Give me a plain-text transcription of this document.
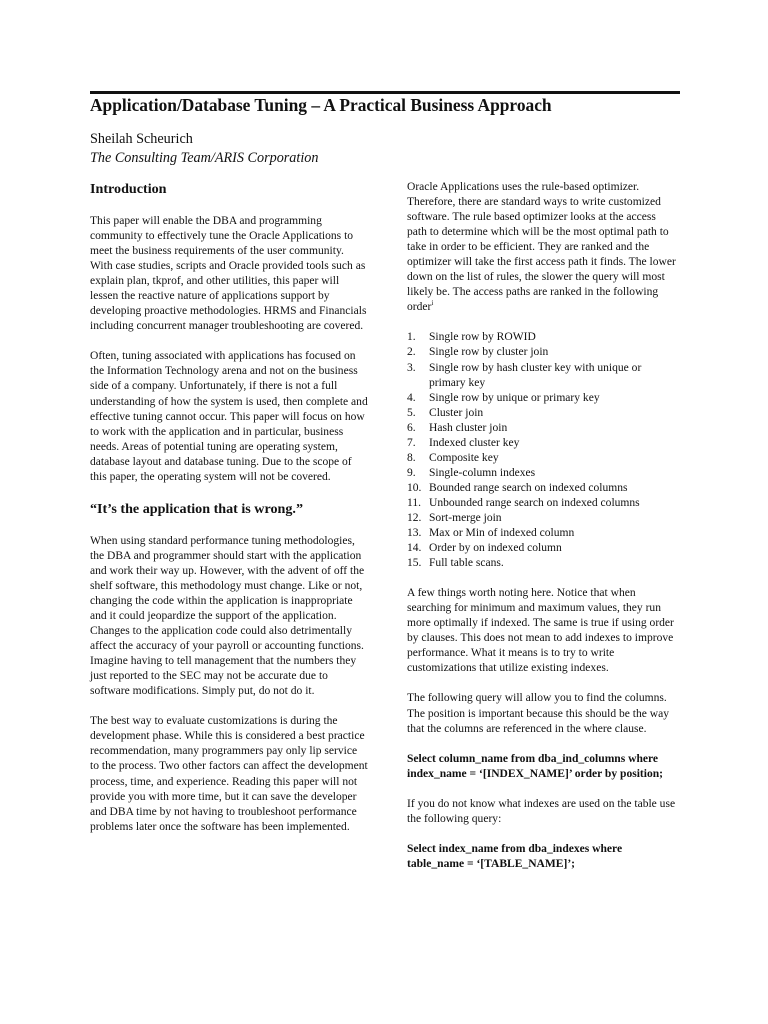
Application/Database Tuning – A Practical Business Approach
Sheilah Scheurich
The Consulting Team/ARIS Corporation
Introduction

This paper will enable the DBA and programming community to effectively tune the Oracle Applications to meet the business requirements of the user community. With case studies, scripts and Oracle provided tools such as explain plan, tkprof, and other utilities, this paper will lessen the reactive nature of applications support by developing proactive methodologies. HRMS and Financials including concurrent manager troubleshooting are covered.

Often, tuning associated with applications has focused on the Information Technology arena and not on the business side of a company. Unfortunately, if there is not a full understanding of how the system is used, then complete and effective tuning cannot occur. This paper will focus on how to work with the application and in particular, business needs. Areas of potential tuning are operating system, database layout and database tuning. Due to the scope of this paper, the operating system will not be covered.

“It’s the application that is wrong.”

When using standard performance tuning methodologies, the DBA and programmer should start with the application and work their way up. However, with the advent of off the shelf software, this methodology must change. Like or not, changing the code within the application is inappropriate and it could jeopardize the support of the application. Changes to the application code could also detrimentally affect the accuracy of your payroll or accounting functions. Imagine having to tell management that the numbers they just reported to the SEC may not be accurate due to software modifications. Simply put, do not do it.

The best way to evaluate customizations is during the development phase. While this is considered a best practice recommendation, many programmers pay only lip service to the process. Two other factors can affect the development process, time, and experience. Reading this paper will not provide you with more time, but it can save the developer and DBA time by not having to troubleshoot performance problems later once the software has been implemented.

Oracle Applications uses the rule-based optimizer. Therefore, there are standard ways to write customized software. The rule based optimizer looks at the access path to determine which will be the most optimal path to take in order to be efficient. They are ranked and the optimizer will take the first access path it finds. The lower down on the list of rules, the slower the query will most likely be. The access paths are ranked in the following order$^i$

1.	Single row by ROWID
2.	Single row by cluster join
3.	Single row by hash cluster key with unique or primary key
4.	Single row by unique or primary key
5.	Cluster join
6.	Hash cluster join
7.	Indexed cluster key
8.	Composite key
9.	Single-column indexes
10. Bounded range search on indexed columns
11. Unbounded range search on indexed columns
12. Sort-merge join
13. Max or Min of indexed column
14. Order by on indexed column
15. Full table scans.

A few things worth noting here. Notice that when searching for minimum and maximum values, they run more optimally if indexed. The same is true if using order by clauses. This does not mean to add indexes to improve performance. What it means is to try to write customizations that utilize existing indexes.

The following query will allow you to find the columns. The position is important because this should be the way that the columns are referenced in the where clause.

Select column_name from dba_ind_columns where index_name = ‘[INDEX_NAME]’ order by position;

If you do not know what indexes are used on the table use the following query:

Select index_name from dba_indexes where table_name = ‘[TABLE_NAME]’;
